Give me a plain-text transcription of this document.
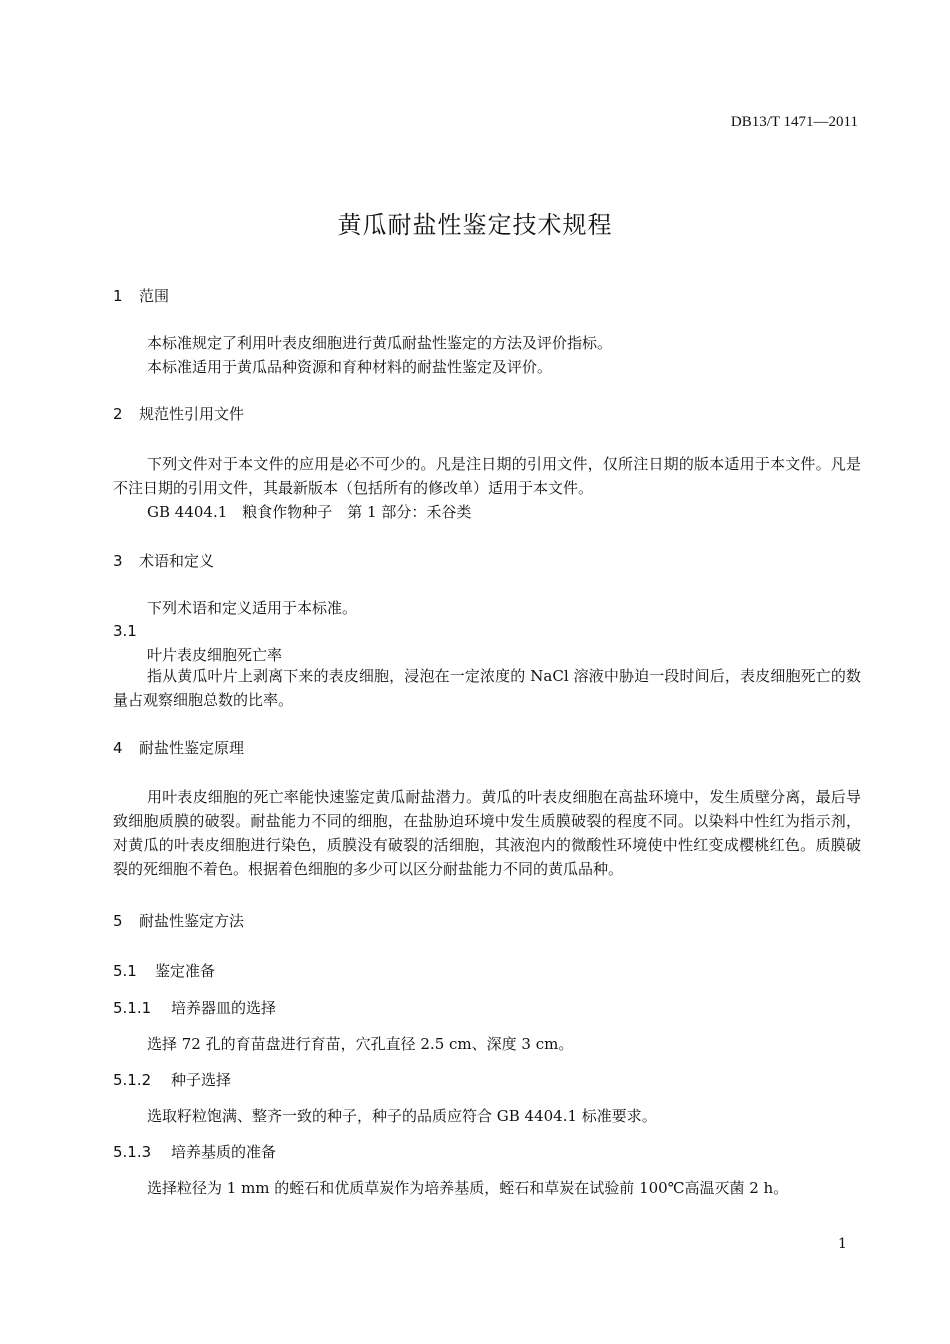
DB13/T 1471—2011
黄瓜耐盐性鉴定技术规程
1 范围
本标准规定了利用叶表皮细胞进行黄瓜耐盐性鉴定的方法及评价指标。
本标准适用于黄瓜品种资源和育种材料的耐盐性鉴定及评价。
2 规范性引用文件
下列文件对于本文件的应用是必不可少的。凡是注日期的引用文件，仅所注日期的版本适用于本文件。凡是不注日期的引用文件，其最新版本（包括所有的修改单）适用于本文件。
GB 4404.1　粮食作物种子　第 1 部分：禾谷类
3 术语和定义
下列术语和定义适用于本标准。
3.1
叶片表皮细胞死亡率
指从黄瓜叶片上剥离下来的表皮细胞，浸泡在一定浓度的 NaCl 溶液中胁迫一段时间后，表皮细胞死亡的数量占观察细胞总数的比率。
4 耐盐性鉴定原理
用叶表皮细胞的死亡率能快速鉴定黄瓜耐盐潜力。黄瓜的叶表皮细胞在高盐环境中，发生质壁分离，最后导致细胞质膜的破裂。耐盐能力不同的细胞，在盐胁迫环境中发生质膜破裂的程度不同。以染料中性红为指示剂，对黄瓜的叶表皮细胞进行染色，质膜没有破裂的活细胞，其液泡内的微酸性环境使中性红变成樱桃红色。质膜破裂的死细胞不着色。根据着色细胞的多少可以区分耐盐能力不同的黄瓜品种。
5 耐盐性鉴定方法
5.1 鉴定准备
5.1.1 培养器皿的选择
选择 72 孔的育苗盘进行育苗，穴孔直径 2.5 cm、深度 3 cm。
5.1.2 种子选择
选取籽粒饱满、整齐一致的种子，种子的品质应符合 GB 4404.1 标准要求。
5.1.3 培养基质的准备
选择粒径为 1 mm 的蛭石和优质草炭作为培养基质，蛭石和草炭在试验前 100℃高温灭菌 2 h。
1
